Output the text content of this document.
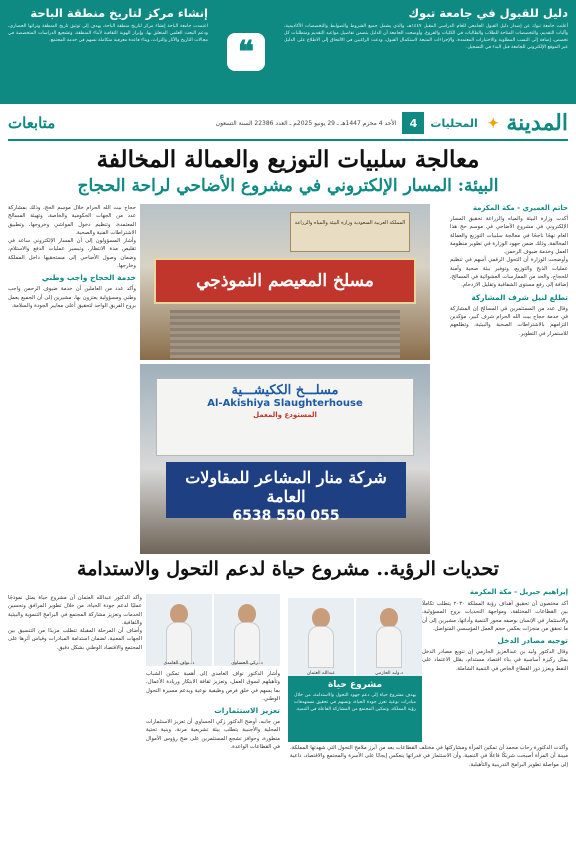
دليل للقبول في جامعة تبوك

أعلنت جامعة تبوك عن إصدار دليل القبول الجامعي للعام الدراسي المقبل ١٤٤٧هـ، والذي يشمل جميع الشروط والضوابط والتخصصات الأكاديمية، وآليات التقديم، والتخصصات المتاحة للطلاب والطالبات في الكليات والفروع. وأوضحت الجامعة أن الدليل يتضمن تفاصيل مواعيد التقديم ومتطلبات كل تخصص، إضافة إلى النسب المطلوبة والاختبارات المعتمدة، والإجراءات المتبعة لاستكمال القبول، ودعت الراغبين في الالتحاق إلى الاطلاع على الدليل عبر الموقع الإلكتروني للجامعة قبل البدء في التسجيل.

❝
إنشاء مركز لتاريخ منطقة الباحة

اعتمدت جامعة الباحة إنشاء مركز لتاريخ منطقة الباحة، يهدف إلى توثيق تاريخ المنطقة وتراثها الحضاري، ودعم البحث العلمي المتعلق بها، وإبراز الهوية الثقافية لأبناء المنطقة، وتشجيع الدراسات المتخصصة في مجالات التاريخ والآثار والتراث، وبناء قاعدة معرفية متكاملة تسهم في خدمة المجتمع.

المدينة ✦
المحليات
4
الأحد 4 محرم 1447هـ ـ 29 يونيو 2025م ـ العدد 22386 السنة التسعون
متابعات
معالجة سلبيات التوزيع والعمالة المخالفة
البيئة: المسار الإلكتروني في مشروع الأضاحي لراحة الحجاج
حاتم العميري - مكة المكرمة

أكدت وزارة البيئة والمياه والزراعة تحقيق المسار الإلكتروني في مشروع الأضاحي في موسم حج هذا العام نهجًا ناجحًا في معالجة سلبيات التوزيع والعمالة المخالفة، وذلك ضمن جهود الوزارة في تطوير منظومة العمل وخدمة ضيوف الرحمن.

وأوضحت الوزارة أن التحول الرقمي أسهم في تنظيم عمليات الذبح والتوزيع، وتوفير بيئة صحية وآمنة للحجاج، والحد من الممارسات العشوائية في المسالخ، إضافة إلى رفع مستوى الشفافية وتقليل الازدحام.

تطلع لنيل شرف المشاركة

وقال عدد من المستثمرين في المسالخ إن المشاركة في خدمة حجاج بيت الله الحرام شرف كبير، مؤكدين التزامهم بالاشتراطات الصحية والبيئية، وتطلعهم للاستمرار في التطوير.

حجاج بيت الله الحرام خلال موسم الحج، وذلك بمشاركة عدد من الجهات الحكومية والخاصة، وتهيئة المسالخ المعتمدة، وتنظيم دخول المواشي وخروجها، وتطبيق الاشتراطات الفنية والصحية.

وأشار المسؤولون إلى أن المسار الإلكتروني ساعد في تقليص مدة الانتظار، وتيسير عمليات الدفع والاستلام، وضمان وصول الأضاحي إلى مستحقيها داخل المملكة وخارجها.

خدمة الحجاج واجب وطني

وأكد عدد من العاملين أن خدمة ضيوف الرحمن واجب وطني ومسؤولية يعتزون بها، مشيرين إلى أن الجميع يعمل بروح الفريق الواحد لتحقيق أعلى معايير الجودة والسلامة.

المملكة العربية السعودية وزارة البيئة والمياه والزراعة
مسلخ المعيصم النموذجي
مسلـــخ الككيشـــية
Al-Akishiya Slaughterhouse
المستودع والمعمل
شركة منار المشاعر للمقاولات العامة
055 550 6538
تحديات الرؤية.. مشروع حياة لدعم التحول والاستدامة
إبراهيم جبريل - مكة المكرمة

أكد مختصون أن تحقيق أهداف رؤية المملكة ٢٠٣٠ يتطلب تكاملًا بين القطاعات المختلفة، ومواجهة التحديات بروح المسؤولية، والاستثمار في الإنسان بوصفه محور التنمية وأداتها، مشيرين إلى أن ما تحقق من منجزات يعكس حجم العمل المؤسسي المتواصل.

توجيه مصادر الدخل

وقال الدكتور وليد بن عبدالعزيز الحازمي إن تنويع مصادر الدخل يمثل ركيزة أساسية في بناء اقتصاد مستدام، يقلل الاعتماد على النفط ويعزز دور القطاع الخاص في التنمية الشاملة.

وأكدت الدكتورة رحاب محمد أن تمكين المرأة ومشاركتها في مختلف القطاعات يعد من أبرز ملامح التحول التي شهدتها المملكة، مبينة أن المرأة أصبحت شريكًا فاعلًا في التنمية، وأن الاستثمار في قدراتها ينعكس إيجابًا على الأسرة والمجتمع والاقتصاد، داعية إلى مواصلة تطوير البرامج التدريبية والتأهيلية.

عبدالله العثمان	د.وليد الحازمي
مشروع حياة

يهدف مشروع حياة إلى دعم جهود التحول والاستدامة، من خلال مبادرات نوعية تعزز جودة الحياة، وتسهم في تحقيق مستهدفات رؤية المملكة، وتمكين المجتمع من المشاركة الفاعلة في التنمية.

د. نواف الغامدي	د. زكي الحساوي

وأشار الدكتور نواف الغامدي إلى أهمية تمكين الشباب وتأهيلهم لسوق العمل، وتعزيز ثقافة الابتكار وريادة الأعمال، بما يسهم في خلق فرص وظيفية نوعية ويدعم مسيرة التحول الوطني.

تعزيز الاستثمارات

من جانبه، أوضح الدكتور زكي الحساوي أن تعزيز الاستثمارات المحلية والأجنبية يتطلب بيئة تشريعية مرنة، وبنية تحتية متطورة، وحوافز تشجع المستثمرين على ضخ رؤوس الأموال في القطاعات الواعدة.

وأكد الدكتور عبدالله العثمان أن مشروع حياة يمثل نموذجًا عمليًا لدعم جودة الحياة، من خلال تطوير المرافق وتحسين الخدمات وتعزيز مشاركة المجتمع في البرامج التنموية والبيئية والثقافية.

وأضاف أن المرحلة المقبلة تتطلب مزيدًا من التنسيق بين الجهات المعنية، لضمان استدامة المبادرات وقياس أثرها على المجتمع والاقتصاد الوطني بشكل دقيق.
